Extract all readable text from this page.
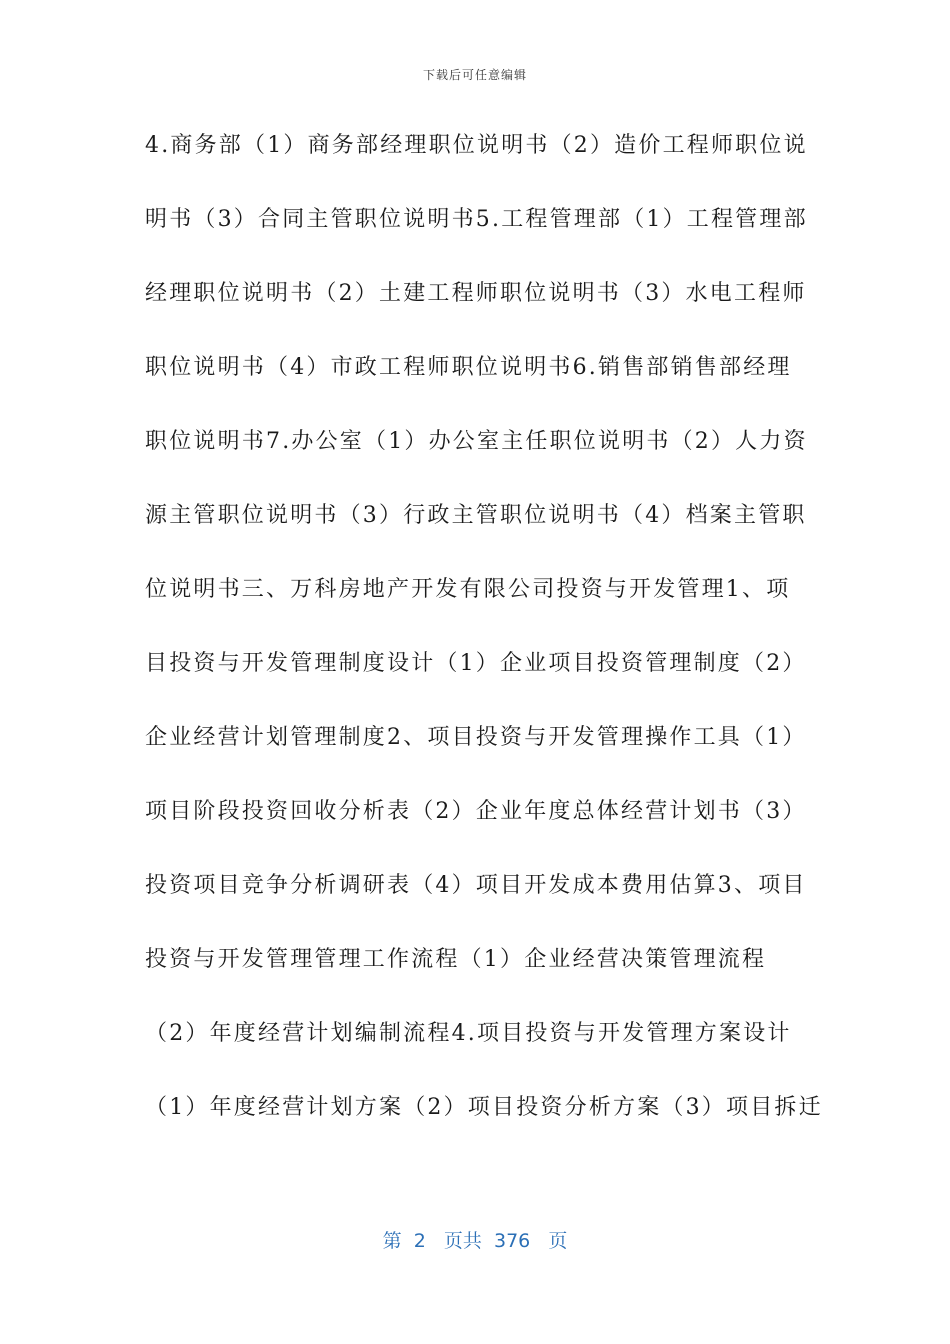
下载后可任意编辑
4.商务部（1）商务部经理职位说明书（2）造价工程师职位说
明书（3）合同主管职位说明书5.工程管理部（1）工程管理部
经理职位说明书（2）土建工程师职位说明书（3）水电工程师
职位说明书（4）市政工程师职位说明书6.销售部销售部经理
职位说明书7.办公室（1）办公室主任职位说明书（2）人力资
源主管职位说明书（3）行政主管职位说明书（4）档案主管职
位说明书三、万科房地产开发有限公司投资与开发管理1、项
目投资与开发管理制度设计（1）企业项目投资管理制度（2）
企业经营计划管理制度2、项目投资与开发管理操作工具（1）
项目阶段投资回收分析表（2）企业年度总体经营计划书（3）
投资项目竞争分析调研表（4）项目开发成本费用估算3、项目
投资与开发管理管理工作流程（1）企业经营决策管理流程
（2）年度经营计划编制流程4.项目投资与开发管理方案设计
（1）年度经营计划方案（2）项目投资分析方案（3）项目拆迁
第  2   页共  376   页
